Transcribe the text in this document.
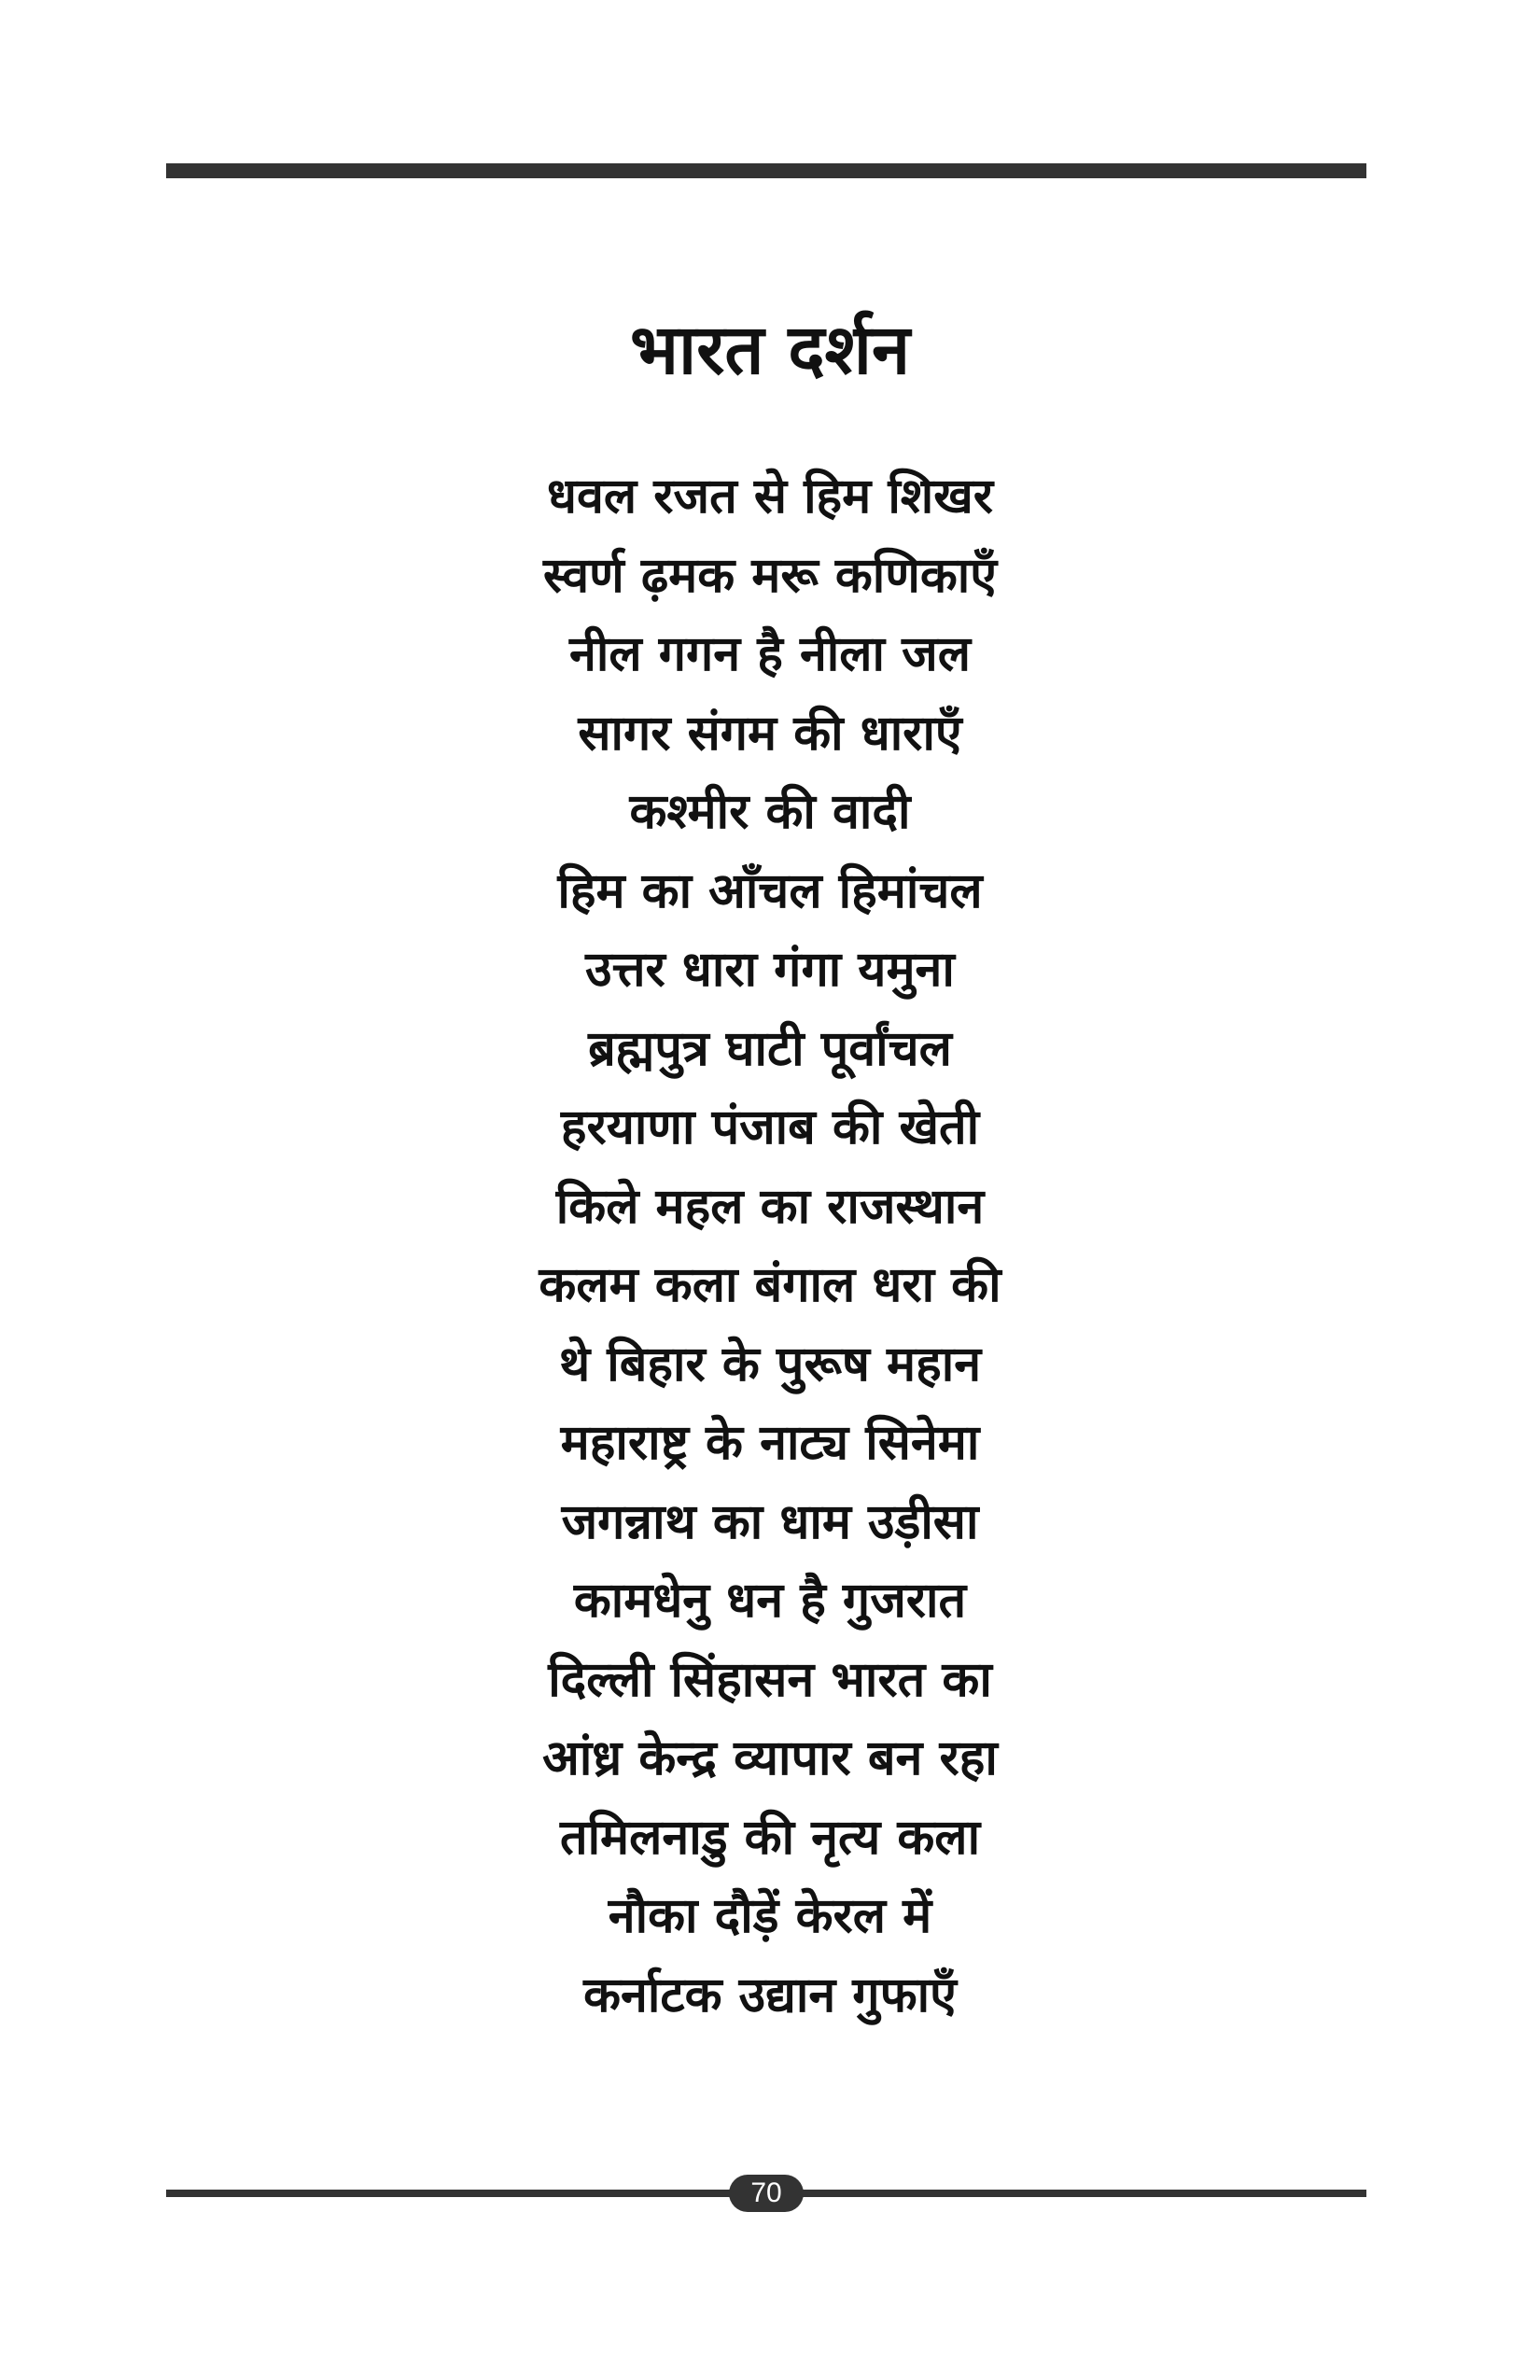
भारत दर्शन
धवल रजत से हिम शिखर
स्वर्ण ढ़मक मरू कणिकाएँ
नील गगन है नीला जल
सागर संगम की धाराएँ
कश्मीर की वादी
हिम का आँचल हिमांचल
उत्तर धारा गंगा यमुना
ब्रह्मपुत्र घाटी पूर्वांचल
हरयाणा पंजाब की खेती
किले महल का राजस्थान
कलम कला बंगाल धरा की
थे बिहार के पुरूष महान
महाराष्ट्र के नाट्य सिनेमा
जगन्नाथ का धाम उड़ीसा
कामधेनु धन है गुजरात
दिल्ली सिंहासन भारत का
आंध्र केन्द्र व्यापार बन रहा
तमिलनाडु की नृत्य कला
नौका दौड़ें केरल में
कर्नाटक उद्यान गुफाएँ
70
